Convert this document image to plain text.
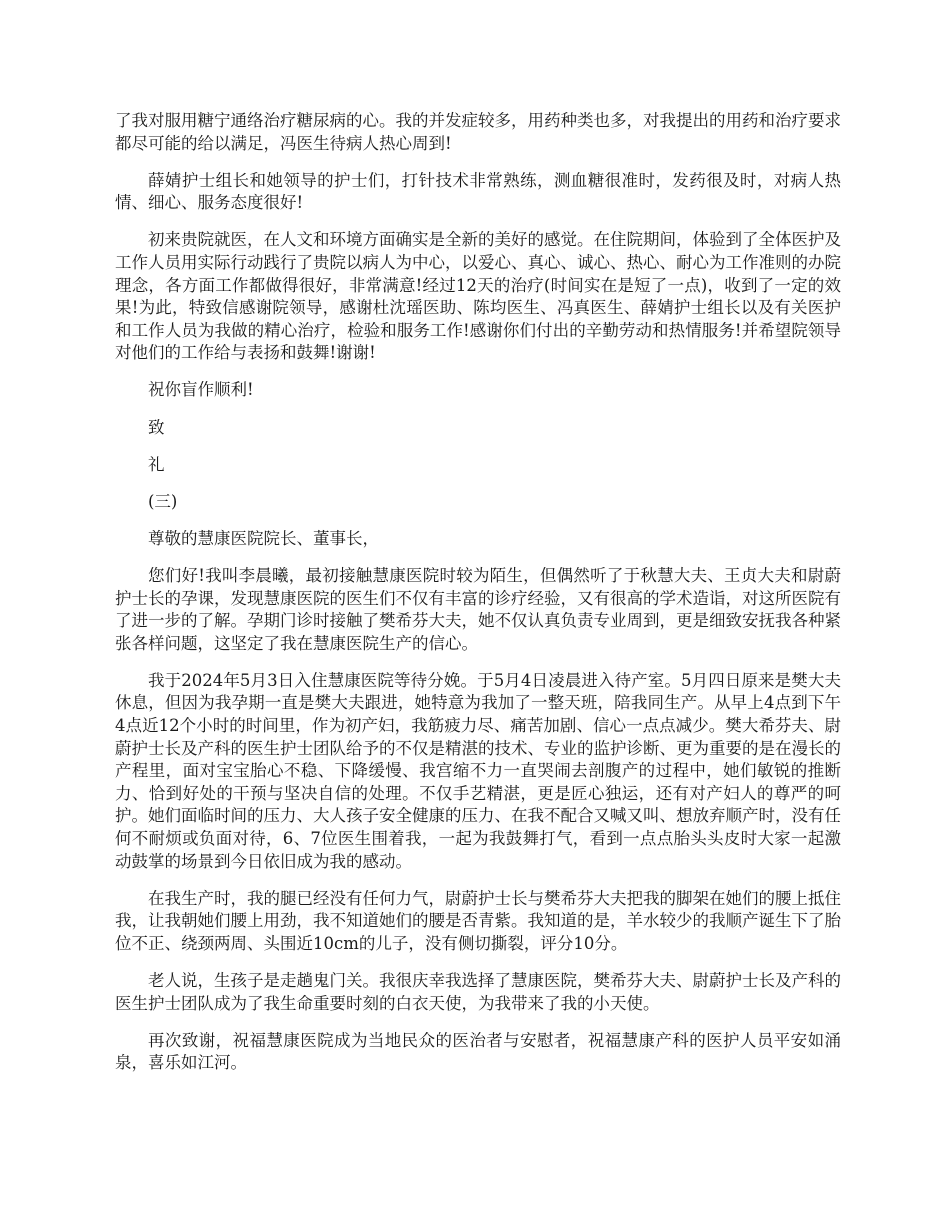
了我对服用糖宁通络治疗糖尿病的心。我的并发症较多，用药种类也多，对我提出的用药和治疗要求都尽可能的给以满足，冯医生待病人热心周到!

薛婧护士组长和她领导的护士们，打针技术非常熟练，测血糖很准时，发药很及时，对病人热情、细心、服务态度很好!

初来贵院就医，在人文和环境方面确实是全新的美好的感觉。在住院期间，体验到了全体医护及工作人员用实际行动践行了贵院以病人为中心，以爱心、真心、诚心、热心、耐心为工作准则的办院理念，各方面工作都做得很好，非常满意!经过12天的治疗(时间实在是短了一点)，收到了一定的效果!为此，特致信感谢院领导，感谢杜沈瑶医助、陈均医生、冯真医生、薛婧护士组长以及有关医护和工作人员为我做的精心治疗，检验和服务工作!感谢你们付出的辛勤劳动和热情服务!并希望院领导对他们的工作给与表扬和鼓舞!谢谢!

祝你盲作顺利!

致

礼

(三)

尊敬的慧康医院院长、董事长，

您们好!我叫李晨曦，最初接触慧康医院时较为陌生，但偶然听了于秋慧大夫、王贞大夫和尉蔚护士长的孕课，发现慧康医院的医生们不仅有丰富的诊疗经验，又有很高的学术造诣，对这所医院有了进一步的了解。孕期门诊时接触了樊希芬大夫，她不仅认真负责专业周到，更是细致安抚我各种紧张各样问题，这坚定了我在慧康医院生产的信心。

我于2024年5月3日入住慧康医院等待分娩。于5月4日凌晨进入待产室。5月四日原来是樊大夫休息，但因为我孕期一直是樊大夫跟进，她特意为我加了一整天班，陪我同生产。从早上4点到下午4点近12个小时的时间里，作为初产妇，我筋疲力尽、痛苦加剧、信心一点点减少。樊大希芬夫、尉蔚护士长及产科的医生护士团队给予的不仅是精湛的技术、专业的监护诊断、更为重要的是在漫长的产程里，面对宝宝胎心不稳、下降缓慢、我宫缩不力一直哭闹去剖腹产的过程中，她们敏锐的推断力、恰到好处的干预与坚决自信的处理。不仅手艺精湛，更是匠心独运，还有对产妇人的尊严的呵护。她们面临时间的压力、大人孩子安全健康的压力、在我不配合又喊又叫、想放弃顺产时，没有任何不耐烦或负面对待，6、7位医生围着我，一起为我鼓舞打气，看到一点点胎头头皮时大家一起激动鼓掌的场景到今日依旧成为我的感动。

在我生产时，我的腿已经没有任何力气，尉蔚护士长与樊希芬大夫把我的脚架在她们的腰上抵住我，让我朝她们腰上用劲，我不知道她们的腰是否青紫。我知道的是，羊水较少的我顺产诞生下了胎位不正、绕颈两周、头围近10cm的儿子，没有侧切撕裂，评分10分。

老人说，生孩子是走趟鬼门关。我很庆幸我选择了慧康医院，樊希芬大夫、尉蔚护士长及产科的医生护士团队成为了我生命重要时刻的白衣天使，为我带来了我的小天使。

再次致谢，祝福慧康医院成为当地民众的医治者与安慰者，祝福慧康产科的医护人员平安如涌泉，喜乐如江河。
